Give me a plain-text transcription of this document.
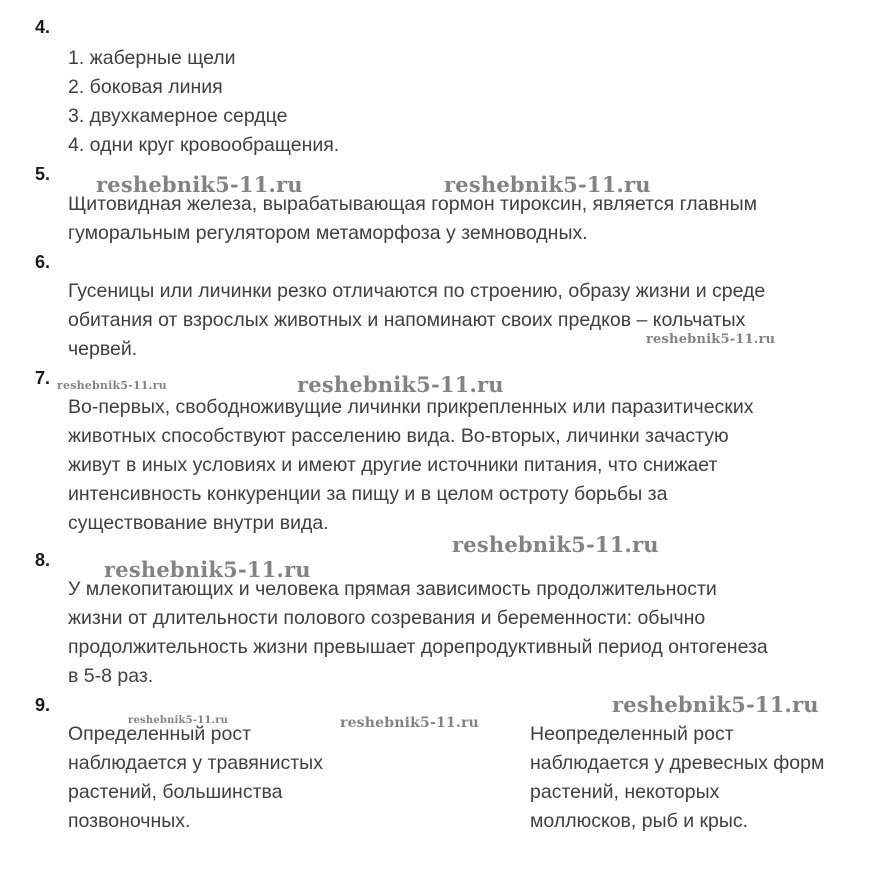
4.
1. жаберные щели
2. боковая линия
3. двухкамерное сердце
4. одни круг кровообращения.
5. reshebnik5-11.ru	reshebnik5-11.ru
Щитовидная железа, вырабатывающая гормон тироксин, является главным
гуморальным регулятором метаморфоза у земноводных.
6.
Гусеницы или личинки резко отличаются по строению, образу жизни и среде
обитания от взрослых животных и напоминают своих предков – кольчатых
червей.	reshebnik5-11.ru
7. reshebnik5-11.ru	reshebnik5-11.ru
Во-первых, свободноживущие личинки прикрепленных или паразитических
животных способствуют расселению вида. Во-вторых, личинки зачастую
живут в иных условиях и имеют другие источники питания, что снижает
интенсивность конкуренции за пищу и в целом остроту борьбы за
существование внутри вида.
8.
reshebnik5-11.ru
reshebnik5-11.ru
У млекопитающих и человека прямая зависимость продолжительности
жизни от длительности полового созревания и беременности: обычно
продолжительность жизни превышает дорепродуктивный период онтогенеза
в 5-8 раз.
9.	reshebnik5-11.ru
reshebnik5-11.ru	reshebnik5-11.ru
Определенный рост
наблюдается у травянистых
растений, большинства
позвоночных.
Неопределенный рост
наблюдается у древесных форм
растений, некоторых
моллюсков, рыб и крыс.
